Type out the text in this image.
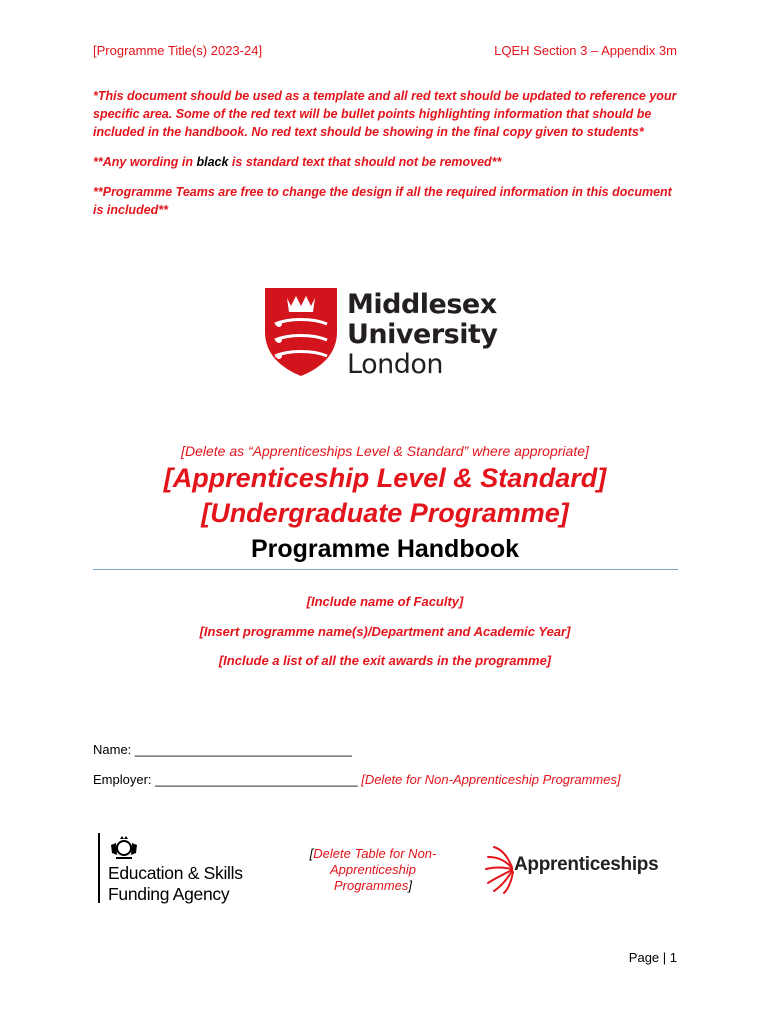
[Programme Title(s) 2023-24]	LQEH Section 3 – Appendix 3m

*This document should be used as a template and all red text should be updated to reference your specific area. Some of the red text will be bullet points highlighting information that should be included in the handbook. No red text should be showing in the final copy given to students*

**Any wording in black is standard text that should not be removed**

**Programme Teams are free to change the design if all the required information in this document is included**

Middlesex
University
London
[Delete as “Apprenticeships Level & Standard” where appropriate]
[Apprenticeship Level & Standard]
[Undergraduate Programme]
Programme Handbook
[Include name of Faculty]
[Insert programme name(s)/Department and Academic Year]
[Include a list of all the exit awards in the programme]
Name: ______________________________
Employer: ____________________________ [Delete for Non-Apprenticeship Programmes]
Education & Skills
Funding Agency
[Delete Table for Non-Apprenticeship Programmes]
Apprenticeships
Page | 1
